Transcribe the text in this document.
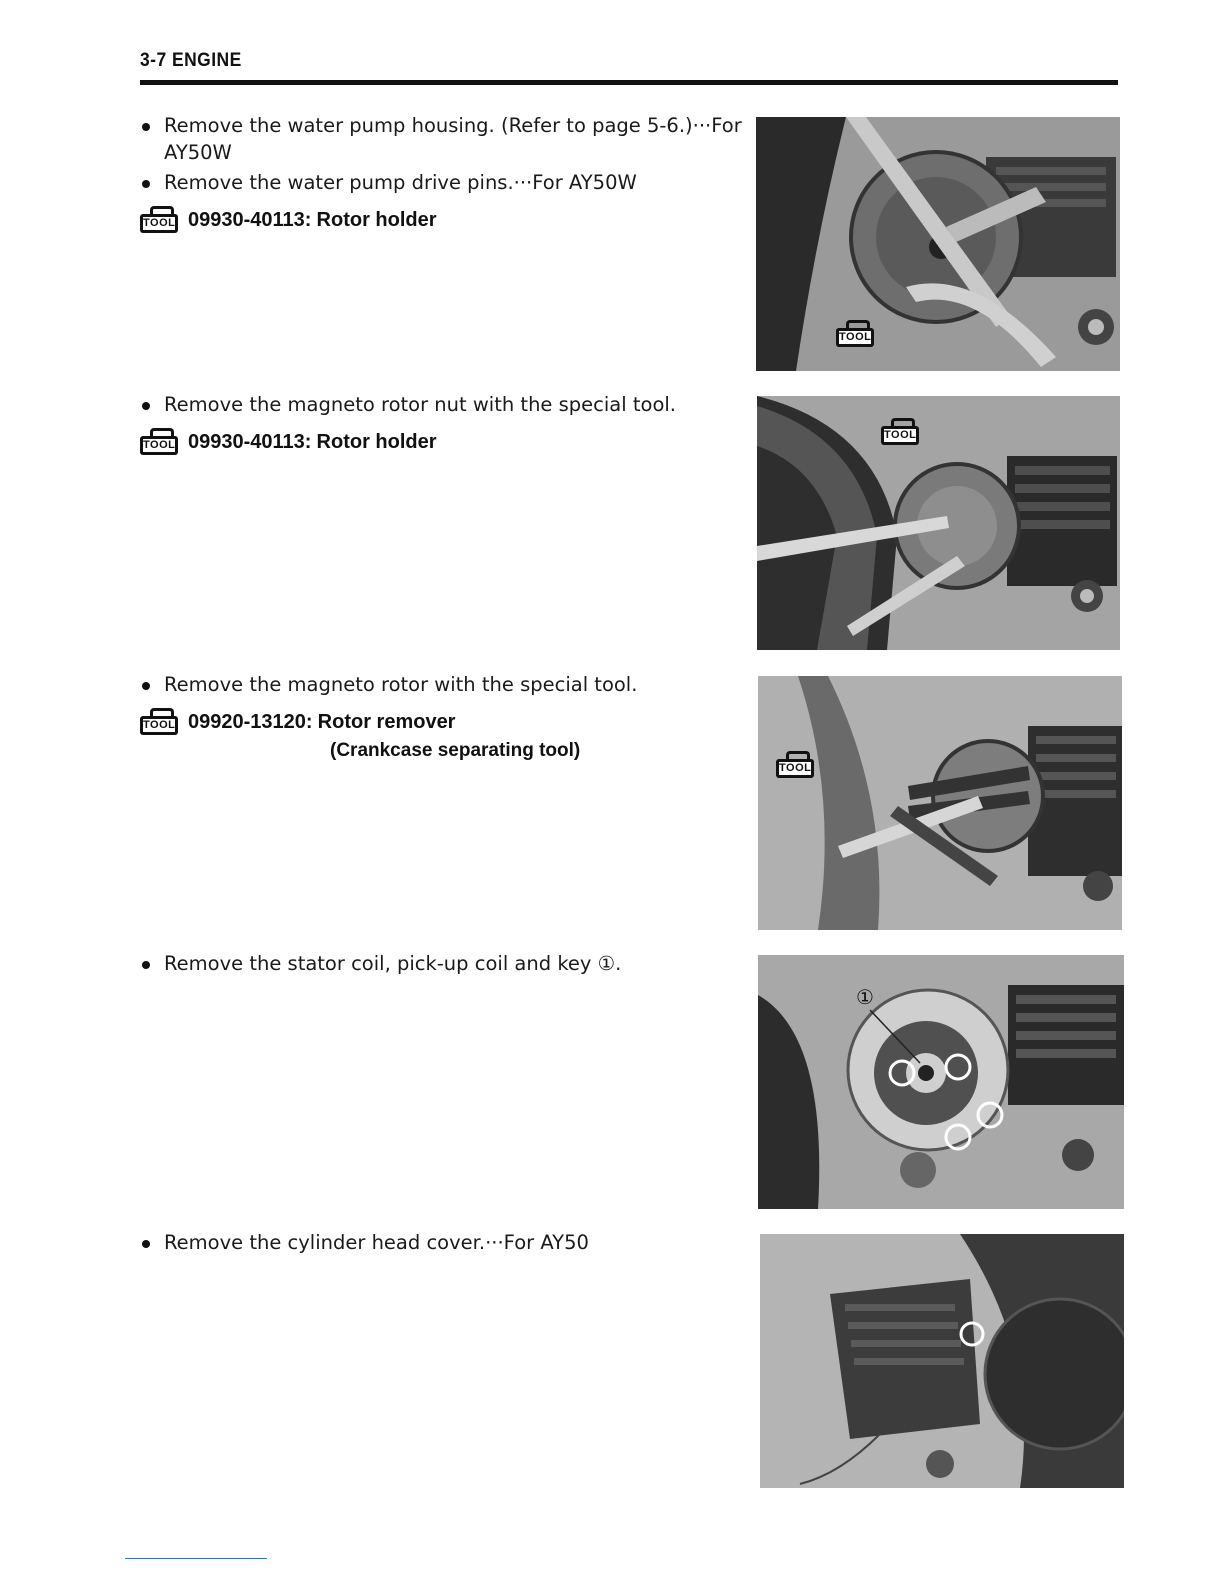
3-7 ENGINE
Remove the water pump housing. (Refer to page 5-6.)···For AY50W
Remove the water pump drive pins.···For AY50W
TOOL 09930-40113:
Rotor holder
Remove the magneto rotor nut with the special tool.
TOOL 09930-40113:
Rotor holder
Remove the magneto rotor with the special tool.
TOOL 09920-13120:
Rotor remover
(Crankcase separating tool)
Remove the stator coil, pick-up coil and key ①.
Remove the cylinder head cover.···For AY50
TOOL
TOOL
TOOL
①
